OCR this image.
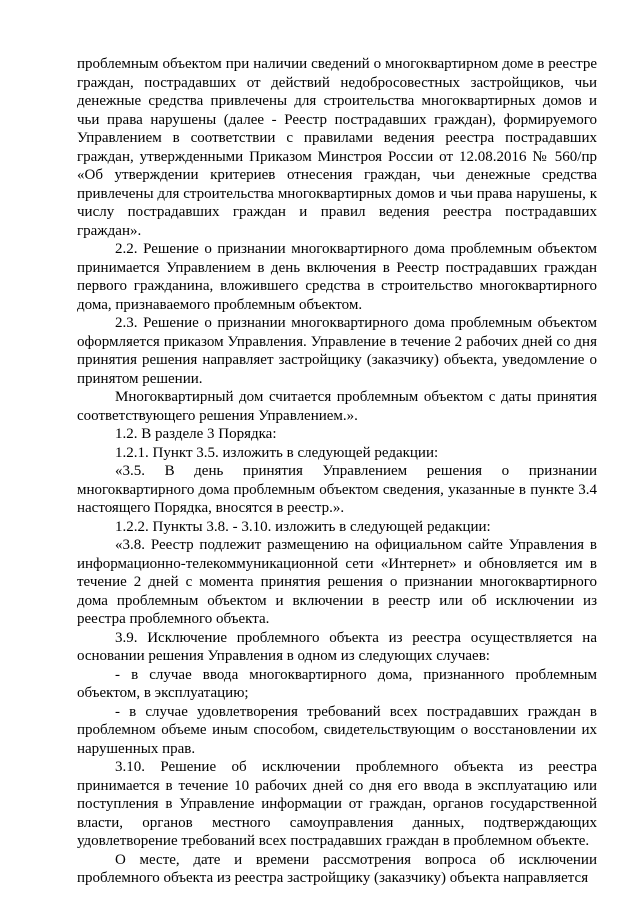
проблемным объектом при наличии сведений о многоквартирном доме в реестре граждан, пострадавших от действий недобросовестных застройщиков, чьи денежные средства привлечены для строительства многоквартирных домов и чьи права нарушены (далее - Реестр пострадавших граждан), формируемого Управлением в соответствии с правилами ведения реестра пострадавших граждан, утвержденными Приказом Минстроя России от 12.08.2016 № 560/пр «Об утверждении критериев отнесения граждан, чьи денежные средства привлечены для строительства многоквартирных домов и чьи права нарушены, к числу пострадавших граждан и правил ведения реестра пострадавших граждан».

2.2. Решение о признании многоквартирного дома проблемным объектом принимается Управлением в день включения в Реестр пострадавших граждан первого гражданина, вложившего средства в строительство многоквартирного дома, признаваемого проблемным объектом.

2.3. Решение о признании многоквартирного дома проблемным объектом оформляется приказом Управления. Управление в течение 2 рабочих дней со дня принятия решения направляет застройщику (заказчику) объекта, уведомление о принятом решении.

Многоквартирный дом считается проблемным объектом с даты принятия соответствующего решения Управлением.».

1.2. В разделе 3 Порядка:

1.2.1. Пункт 3.5. изложить в следующей редакции:

«3.5. В день принятия Управлением решения о признании многоквартирного дома проблемным объектом сведения, указанные в пункте 3.4 настоящего Порядка, вносятся в реестр.».

1.2.2. Пункты 3.8. - 3.10. изложить в следующей редакции:

«3.8. Реестр подлежит размещению на официальном сайте Управления в информационно-телекоммуникационной сети «Интернет» и обновляется им в течение 2 дней с момента принятия решения о признании многоквартирного дома проблемным объектом и включении в реестр или об исключении из реестра проблемного объекта.

3.9. Исключение проблемного объекта из реестра осуществляется на основании решения Управления в одном из следующих случаев:

- в случае ввода многоквартирного дома, признанного проблемным объектом, в эксплуатацию;

- в случае удовлетворения требований всех пострадавших граждан в проблемном объеме иным способом, свидетельствующим о восстановлении их нарушенных прав.

3.10. Решение об исключении проблемного объекта из реестра принимается в течение 10 рабочих дней со дня его ввода в эксплуатацию или поступления в Управление информации от граждан, органов государственной власти, органов местного самоуправления данных, подтверждающих удовлетворение требований всех пострадавших граждан в проблемном объекте.

О месте, дате и времени рассмотрения вопроса об исключении проблемного объекта из реестра застройщику (заказчику) объекта направляется
